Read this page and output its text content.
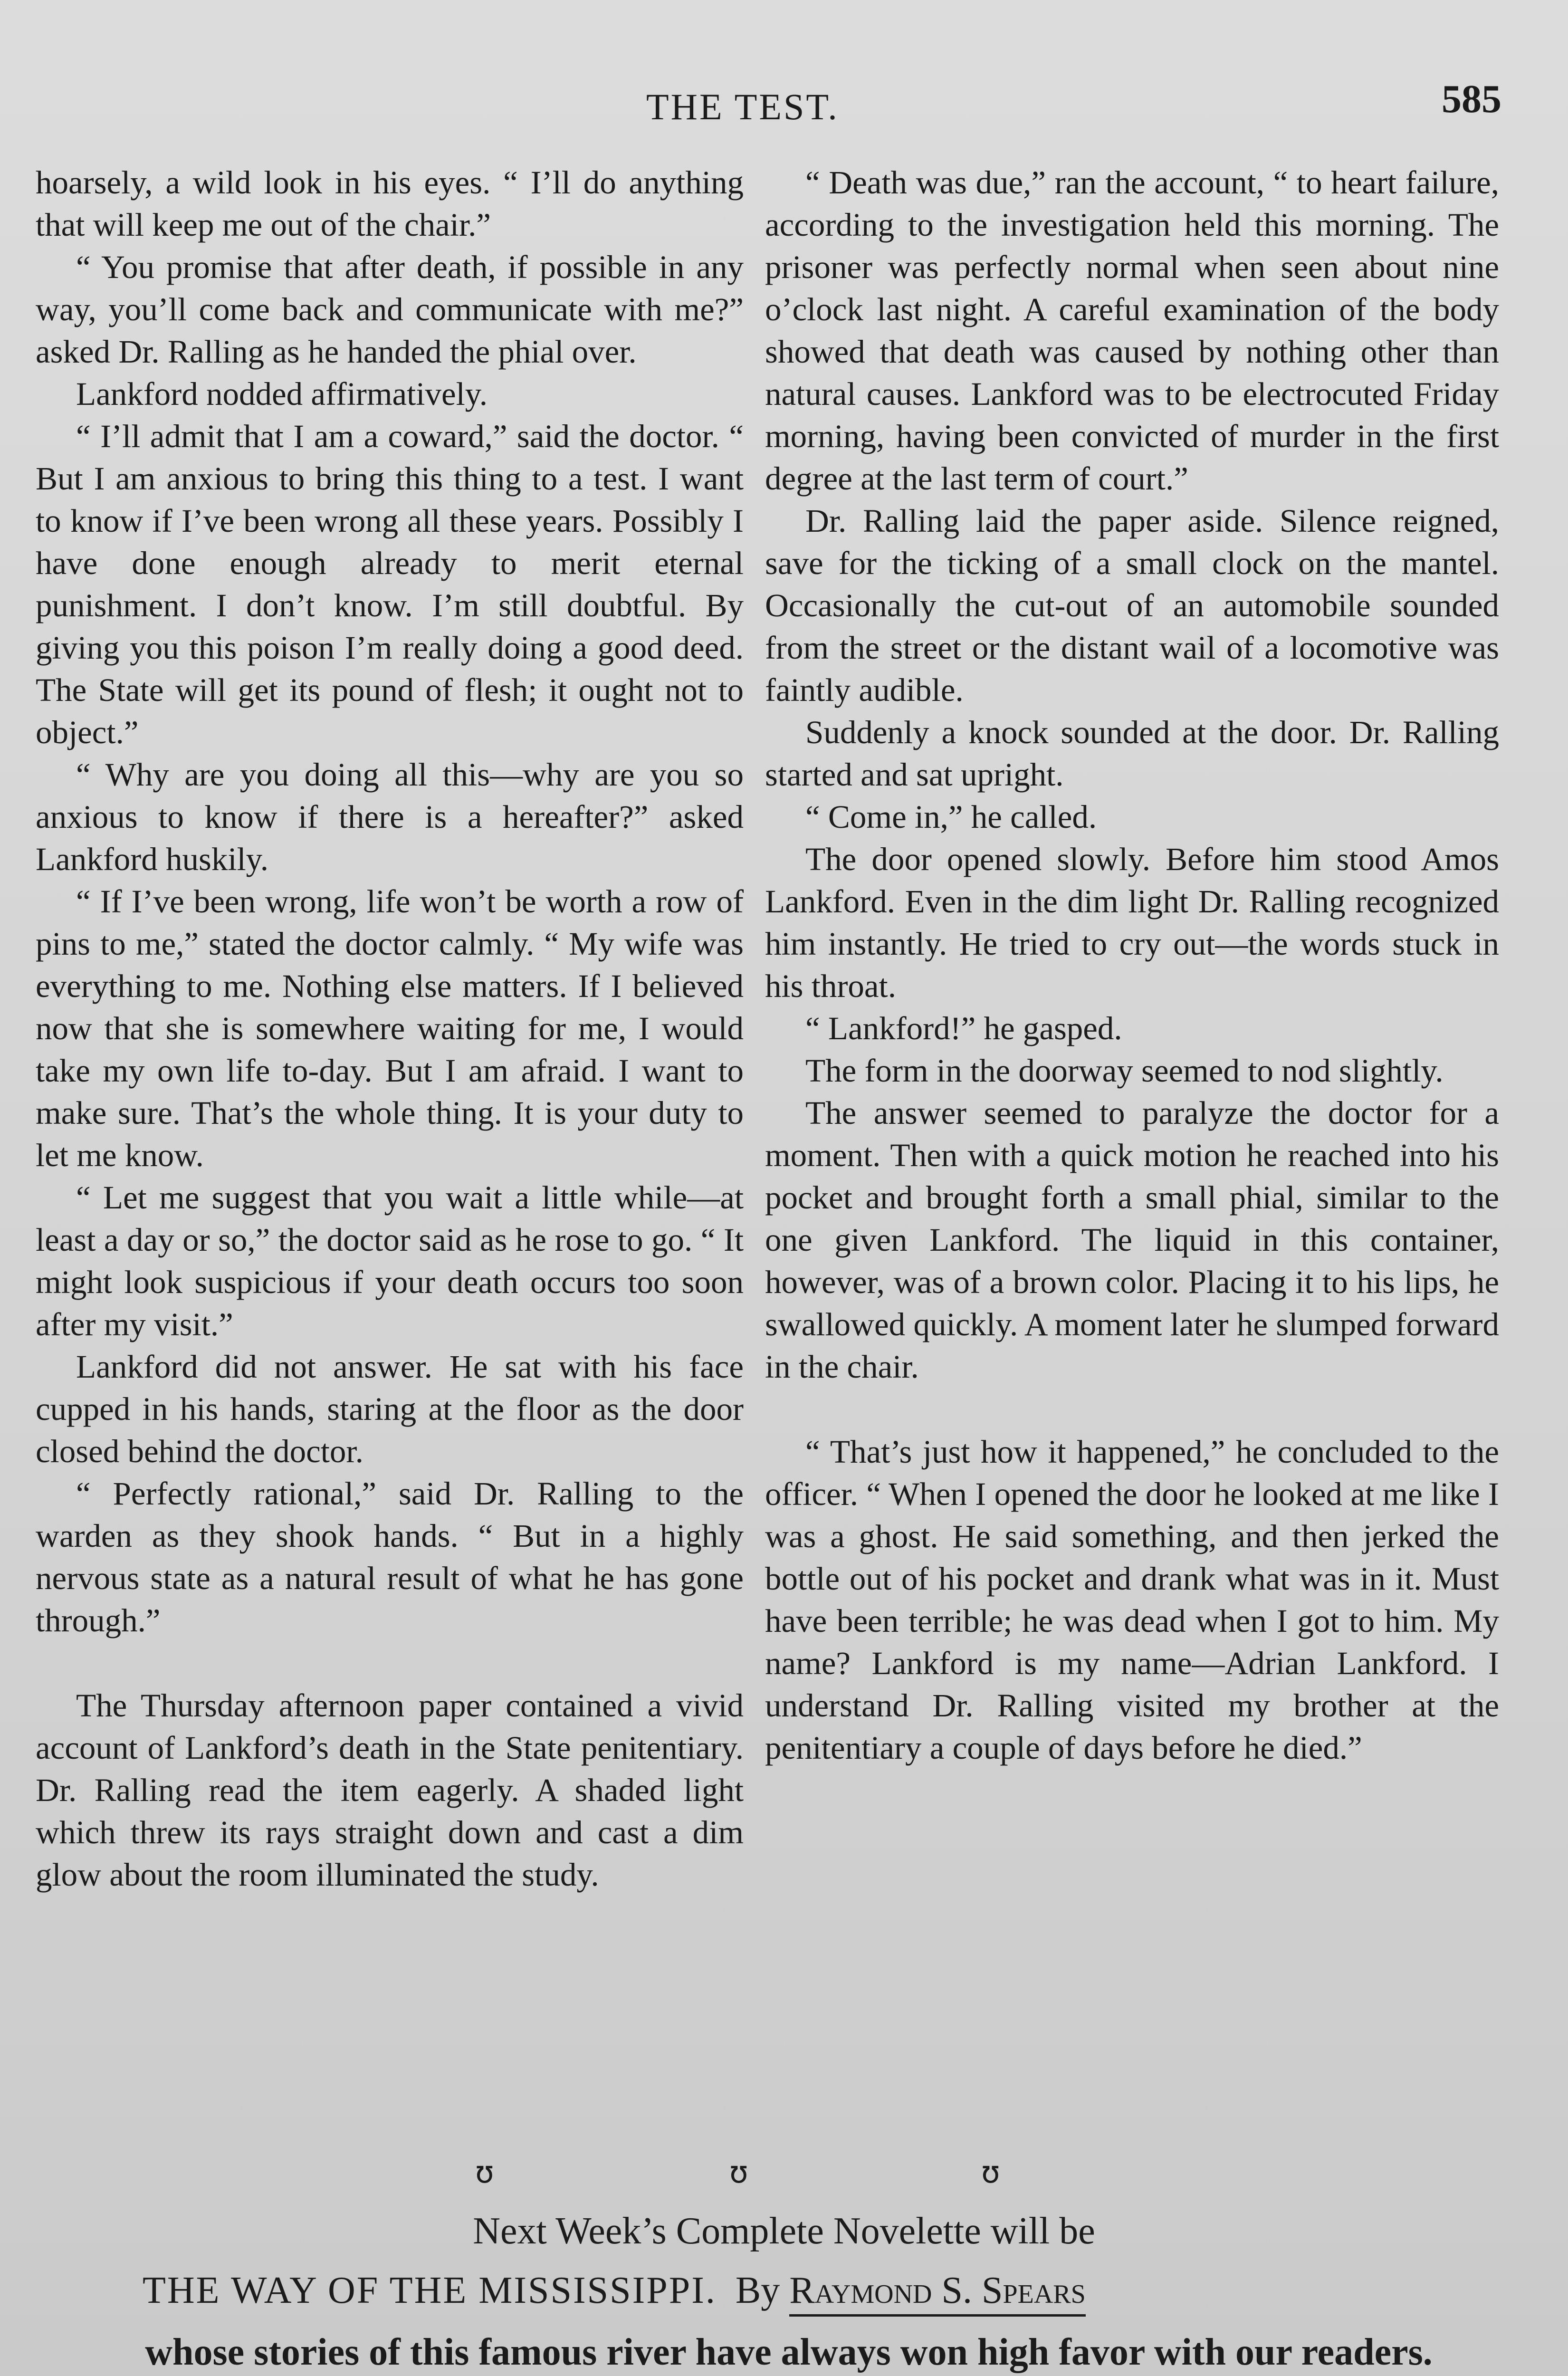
THE TEST.	585

hoarsely, a wild look in his eyes. “ I’ll do anything that will keep me out of the chair.”

“ You promise that after death, if possible in any way, you’ll come back and communicate with me?” asked Dr. Ralling as he handed the phial over.

Lankford nodded affirmatively.

“ I’ll admit that I am a coward,” said the doctor. “ But I am anxious to bring this thing to a test. I want to know if I’ve been wrong all these years. Possibly I have done enough already to merit eternal punishment. I don’t know. I’m still doubtful. By giving you this poison I’m really doing a good deed. The State will get its pound of flesh; it ought not to object.”

“ Why are you doing all this—why are you so anxious to know if there is a hereafter?” asked Lankford huskily.

“ If I’ve been wrong, life won’t be worth a row of pins to me,” stated the doctor calmly. “ My wife was everything to me. Nothing else matters. If I believed now that she is somewhere waiting for me, I would take my own life to-day. But I am afraid. I want to make sure. That’s the whole thing. It is your duty to let me know.

“ Let me suggest that you wait a little while—at least a day or so,” the doctor said as he rose to go. “ It might look suspicious if your death occurs too soon after my visit.”

Lankford did not answer. He sat with his face cupped in his hands, staring at the floor as the door closed behind the doctor.

“ Perfectly rational,” said Dr. Ralling to the warden as they shook hands. “ But in a highly nervous state as a natural result of what he has gone through.”

The Thursday afternoon paper contained a vivid account of Lankford’s death in the State penitentiary. Dr. Ralling read the item eagerly. A shaded light which threw its rays straight down and cast a dim glow about the room illuminated the study.

“ Death was due,” ran the account, “ to heart failure, according to the investigation held this morning. The prisoner was perfectly normal when seen about nine o’clock last night. A careful examination of the body showed that death was caused by nothing other than natural causes. Lankford was to be electrocuted Friday morning, having been convicted of murder in the first degree at the last term of court.”

Dr. Ralling laid the paper aside. Silence reigned, save for the ticking of a small clock on the mantel. Occasionally the cut-out of an automobile sounded from the street or the distant wail of a locomotive was faintly audible.

Suddenly a knock sounded at the door. Dr. Ralling started and sat upright.

“ Come in,” he called.

The door opened slowly. Before him stood Amos Lankford. Even in the dim light Dr. Ralling recognized him instantly. He tried to cry out—the words stuck in his throat.

“ Lankford!” he gasped.

The form in the doorway seemed to nod slightly.

The answer seemed to paralyze the doctor for a moment. Then with a quick motion he reached into his pocket and brought forth a small phial, similar to the one given Lankford. The liquid in this container, however, was of a brown color. Placing it to his lips, he swallowed quickly. A moment later he slumped forward in the chair.

“ That’s just how it happened,” he concluded to the officer. “ When I opened the door he looked at me like I was a ghost. He said something, and then jerked the bottle out of his pocket and drank what was in it. Must have been terrible; he was dead when I got to him. My name? Lankford is my name—Adrian Lankford. I understand Dr. Ralling visited my brother at the penitentiary a couple of days before he died.”

ʊ	ʊ	ʊ
Next Week’s Complete Novelette will be
THE WAY OF THE MISSISSIPPI. By Raymond S. Spears
whose stories of this famous river have always won high favor with our readers.
